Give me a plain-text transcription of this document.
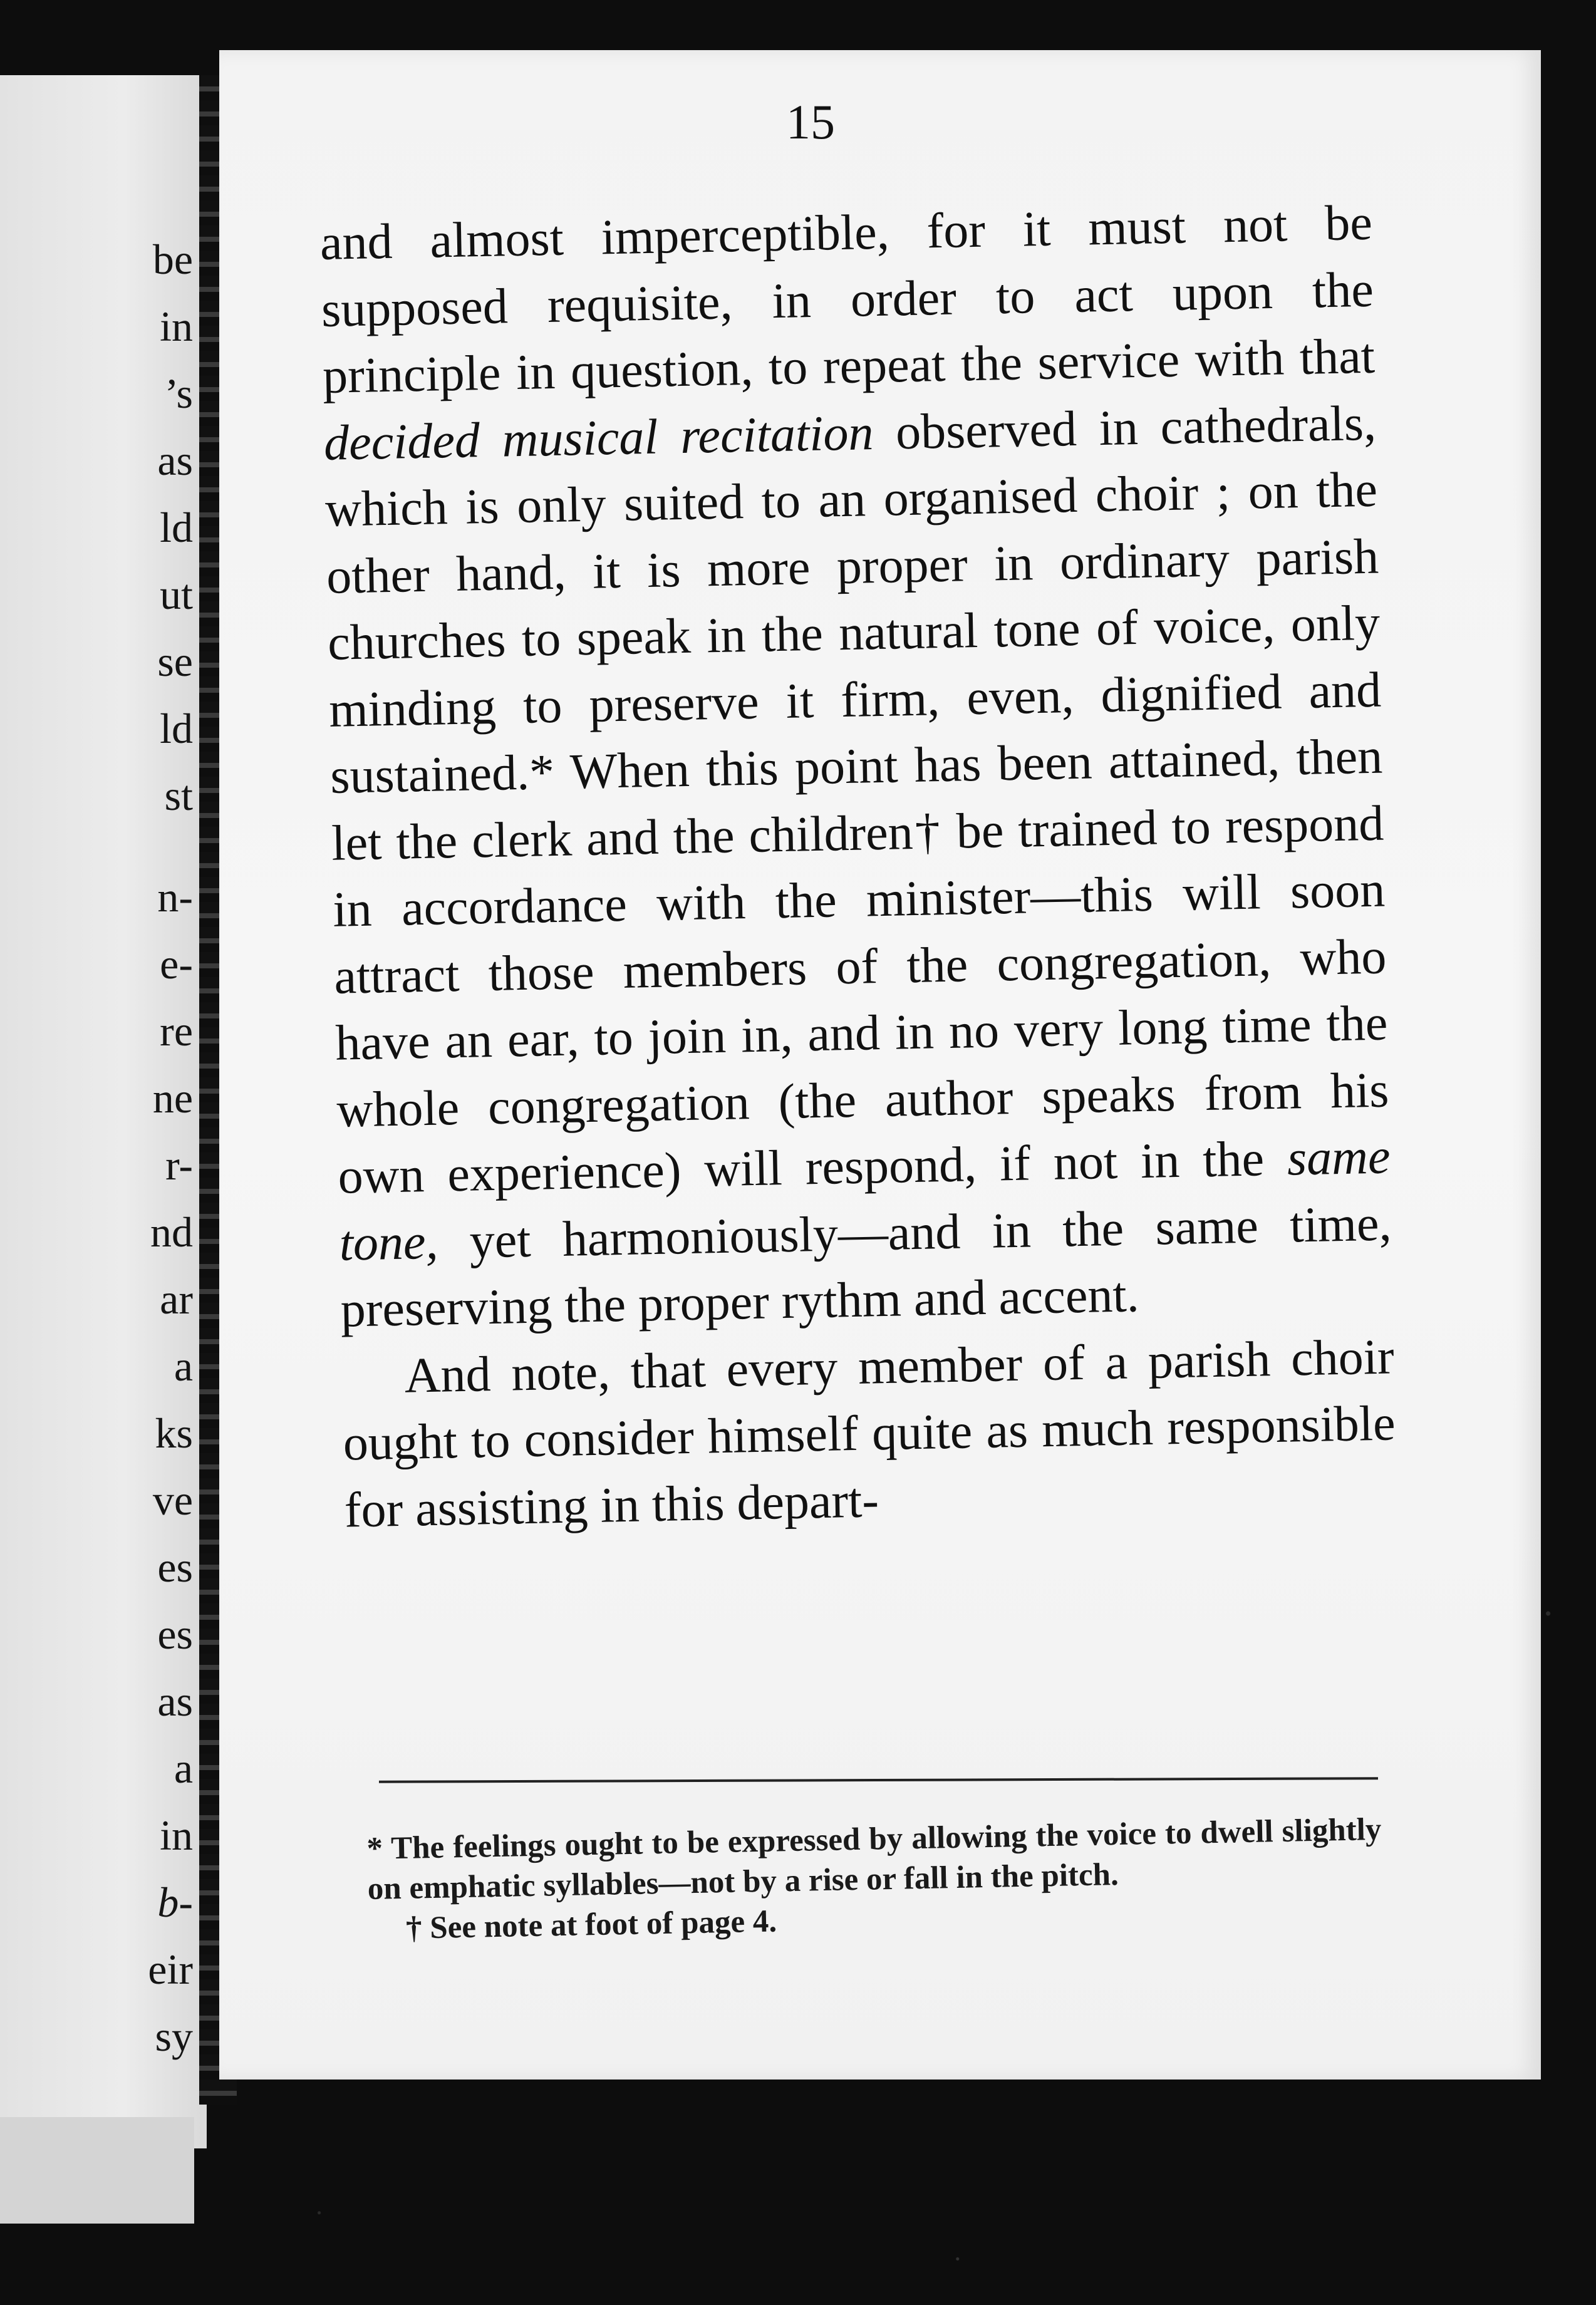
be
in
’s
as
ld
ut
se
ld
st
n-
e-
re
ne
r-
nd
ar
a
ks
ve
es
es
as
a
in
b-
eir
sy
15

and almost imperceptible, for it must not be supposed requisite, in order to act upon the principle in question, to repeat the service with that decided musical recitation observed in cathedrals, which is only suited to an organised choir ; on the other hand, it is more proper in ordinary parish churches to speak in the natural tone of voice, only minding to preserve it firm, even, dignified and sustained.* When this point has been attained, then let the clerk and the children† be trained to respond in accordance with the minister—this will soon attract those members of the congregation, who have an ear, to join in, and in no very long time the whole congregation (the author speaks from his own experience) will respond, if not in the same tone, yet harmoniously—and in the same time, preserving the proper rythm and accent.

And note, that every member of a parish choir ought to consider himself quite as much responsible for assisting in this depart-

* The feelings ought to be expressed by allowing the voice to dwell slightly on emphatic syllables—not by a rise or fall in the pitch.

† See note at foot of page 4.
